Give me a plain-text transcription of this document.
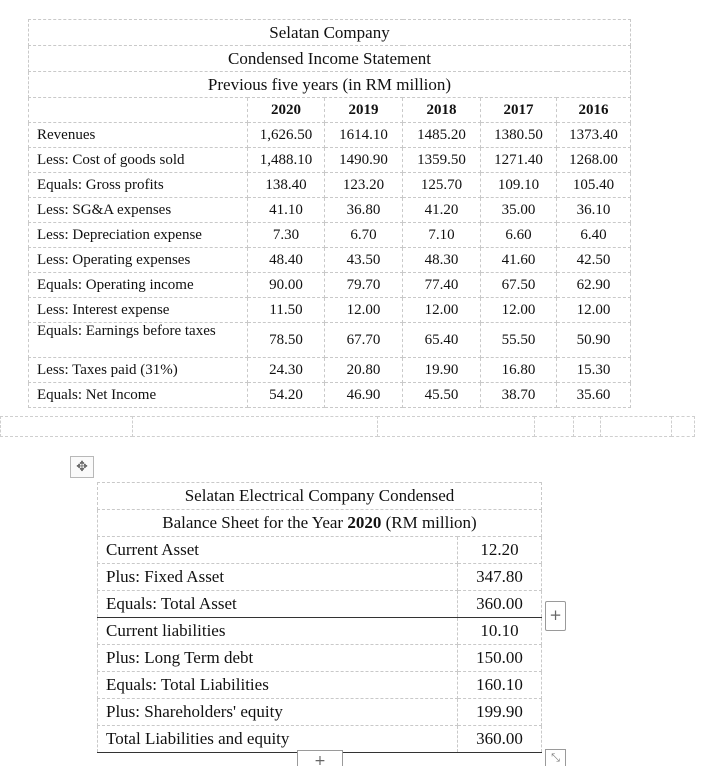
Selatan Company					
Condensed Income Statement					
Previous five years (in RM million)					
	2020	2019	2018	2017	2016
Revenues	1,626.50	1614.10	1485.20	1380.50	1373.40
Less: Cost of goods sold	1,488.10	1490.90	1359.50	1271.40	1268.00
Equals: Gross profits	138.40	123.20	125.70	109.10	105.40
Less: SG&A expenses	41.10	36.80	41.20	35.00	36.10
Less: Depreciation expense	7.30	6.70	7.10	6.60	6.40
Less: Operating expenses	48.40	43.50	48.30	41.60	42.50
Equals: Operating income	90.00	79.70	77.40	67.50	62.90
Less: Interest expense	11.50	12.00	12.00	12.00	12.00
Equals: Earnings before taxes	78.50	67.70	65.40	55.50	50.90
Less: Taxes paid (31%)	24.30	20.80	19.90	16.80	15.30
Equals: Net Income	54.20	46.90	45.50	38.70	35.60
✥
Selatan Electrical Company Condensed	
Balance Sheet for the Year 2020 (RM million)	
Current Asset	12.20
Plus: Fixed Asset	347.80
Equals: Total Asset	360.00
Current liabilities	10.10
Plus: Long Term debt	150.00
Equals: Total Liabilities	160.10
Plus: Shareholders' equity	199.90
Total Liabilities and equity	360.00
+
+	⤡
